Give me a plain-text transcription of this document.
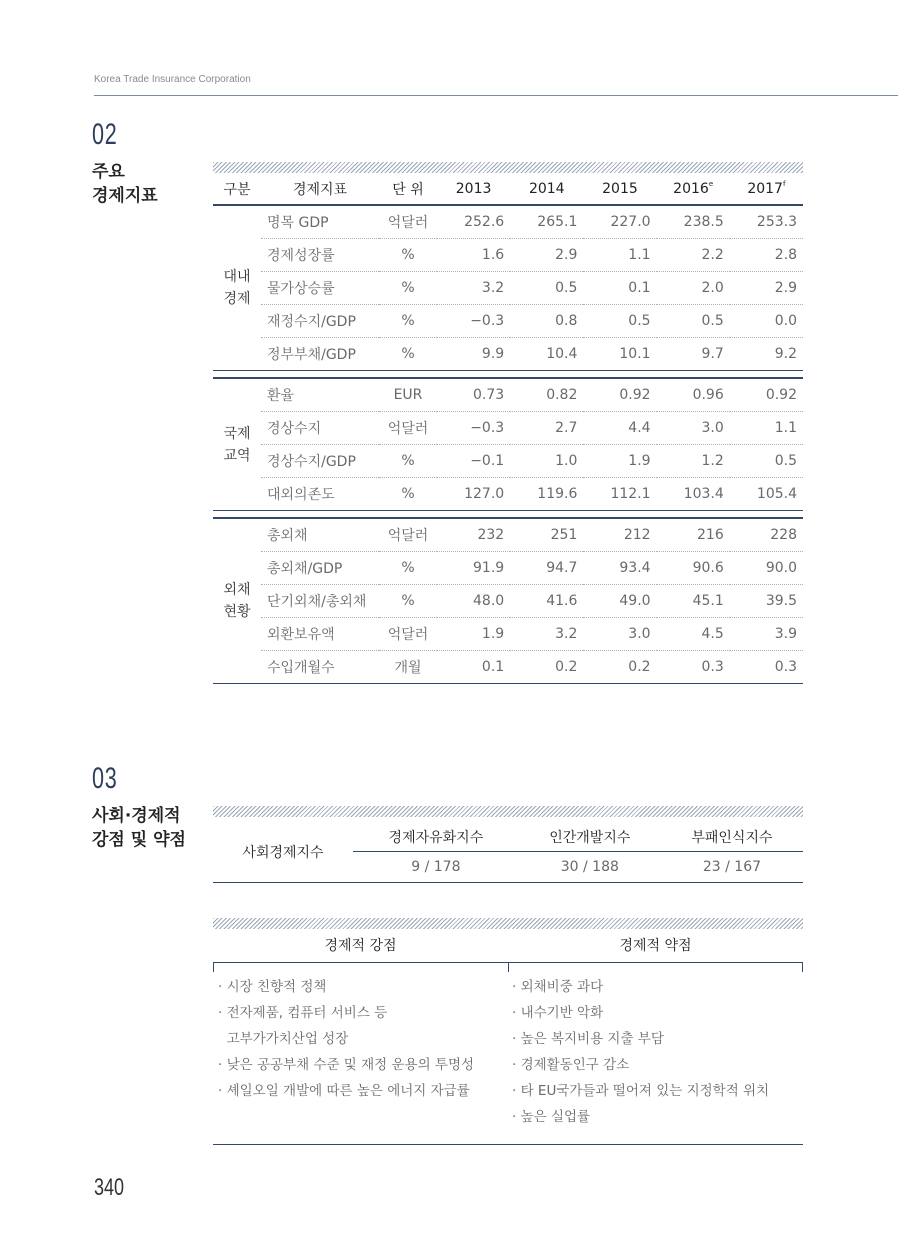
Korea Trade Insurance Corporation
02
주요
경제지표	구분	경제지표	단 위	2013	2014	2015	2016e	2017$^f$

대내
경제	명목 GDP	억달러	252.6	265.1	227.0	238.5	253.3
	경제성장률	%	1.6	2.9	1.1	2.2	2.8
	물가상승률	%	3.2	0.5	0.1	2.0	2.9
	재정수지/GDP	%	−0.3	0.8	0.5	0.5	0.0
	정부부채/GDP	%	9.9	10.4	10.1	9.7	9.2

국제
교역	환율	EUR	0.73	0.82	0.92	0.96	0.92
	경상수지	억달러	−0.3	2.7	4.4	3.0	1.1
	경상수지/GDP	%	−0.1	1.0	1.9	1.2	0.5
	대외의존도	%	127.0	119.6	112.1	103.4	105.4

외채
현황	총외채	억달러	232	251	212	216	228
	총외채/GDP	%	91.9	94.7	93.4	90.6	90.0
	단기외채/총외채	%	48.0	41.6	49.0	45.1	39.5
	외환보유액	억달러	1.9	3.2	3.0	4.5	3.9
	수입개월수	개월	0.1	0.2	0.2	0.3	0.3
03
사회·경제적
강점 및 약점
사회경제지수	경제자유화지수	인간개발지수	부패인식지수
	9 / 178	30 / 188	23 / 167
경제적 강점	경제적 약점
· 시장 친향적 정책
· 전자제품, 컴퓨터 서비스 등
고부가가치산업 성장
· 낮은 공공부채 수준 및 재정 운용의 투명성
· 셰일오일 개발에 따른 높은 에너지 자급률
· 외채비중 과다
· 내수기반 악화
· 높은 복지비용 지출 부담
· 경제활동인구 감소
· 타 EU국가들과 떨어져 있는 지정학적 위치
· 높은 실업률
340
